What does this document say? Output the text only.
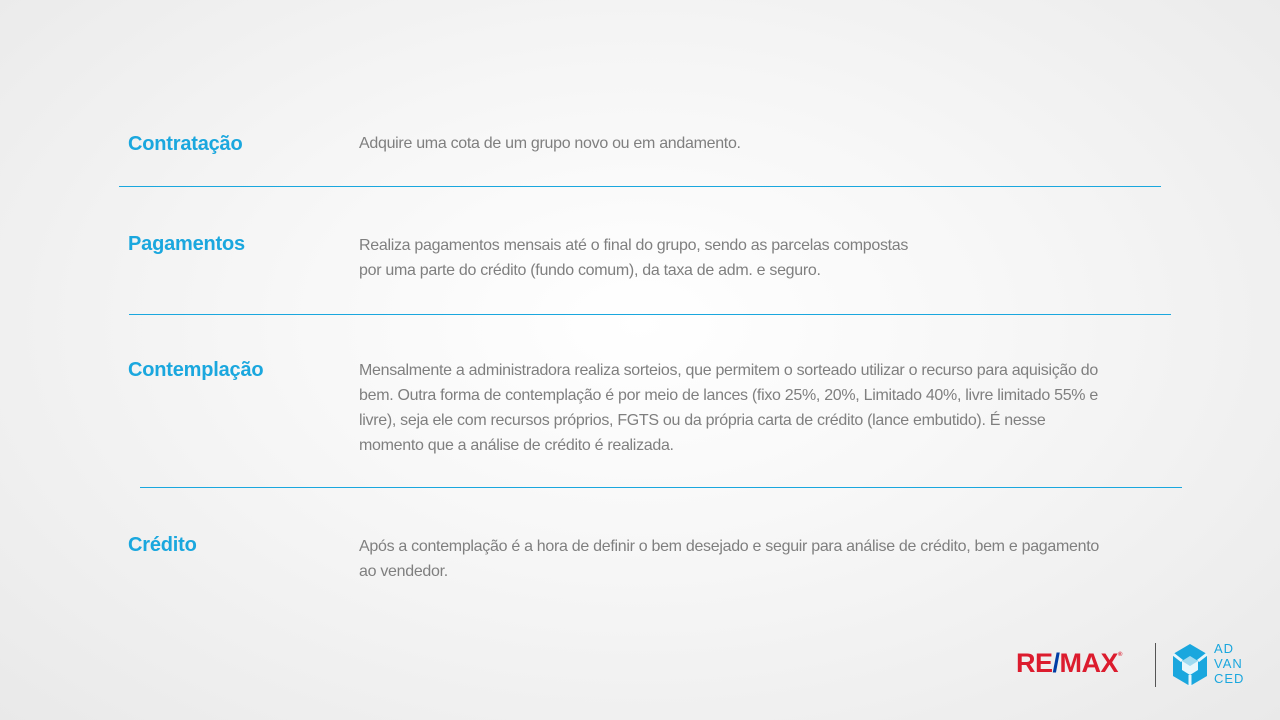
Contratação	Adquire uma cota de um grupo novo ou em andamento.
Pagamentos	Realiza pagamentos mensais até o final do grupo, sendo as parcelas compostas
por uma parte do crédito (fundo comum), da taxa de adm. e seguro.
Contemplação	Mensalmente a administradora realiza sorteios, que permitem o sorteado utilizar o recurso para aquisição do
bem. Outra forma de contemplação é por meio de lances (fixo 25%, 20%, Limitado 40%, livre limitado 55% e
livre), seja ele com recursos próprios, FGTS ou da própria carta de crédito (lance embutido). É nesse
momento que a análise de crédito é realizada.
Crédito	Após a contemplação é a hora de definir o bem desejado e seguir para análise de crédito, bem e pagamento
ao vendedor.
RE/MAX®	AD
VAN
CED
